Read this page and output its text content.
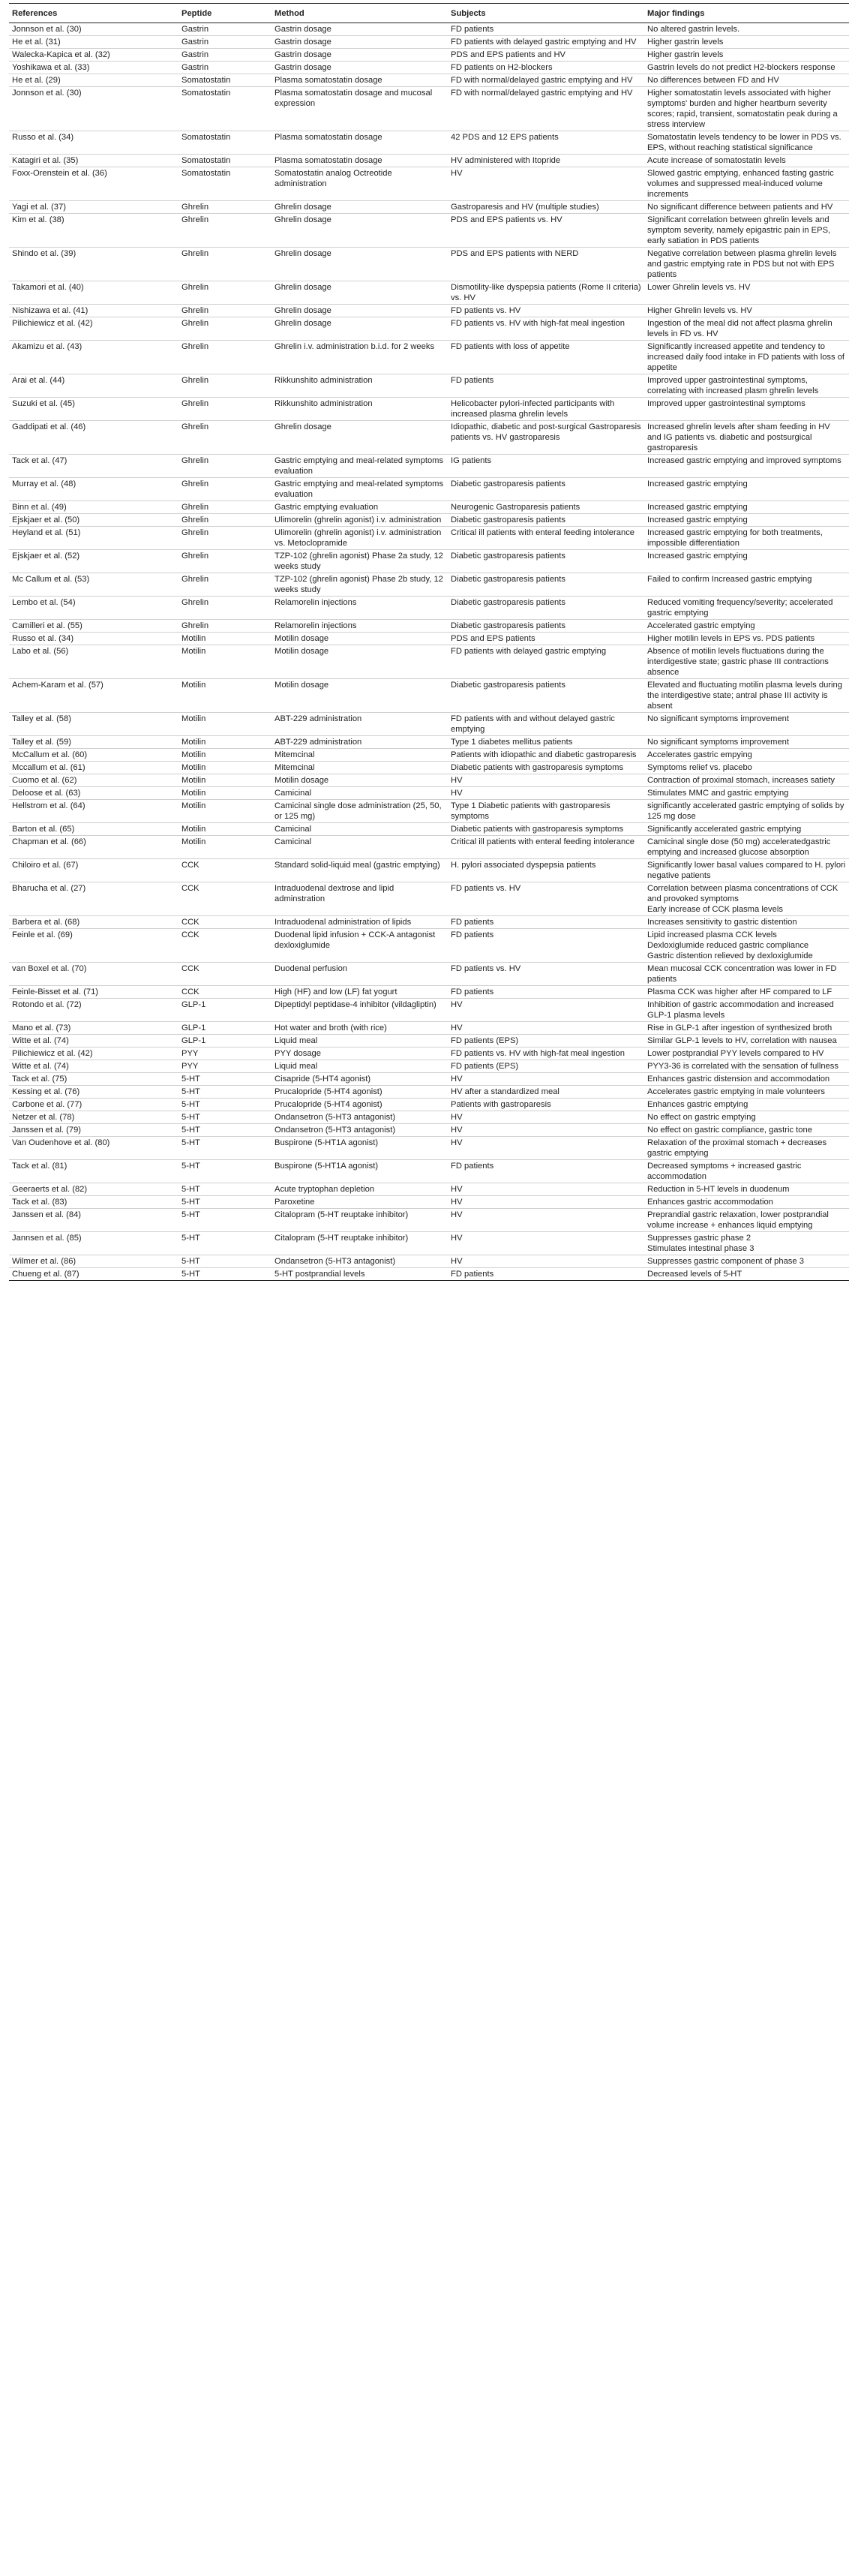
References	Peptide	Method	Subjects	Major findings
Jonnson et al. (30)	Gastrin	Gastrin dosage	FD patients	No altered gastrin levels.
He et al. (31)	Gastrin	Gastrin dosage	FD patients with delayed gastric emptying and HV	Higher gastrin levels
Walecka-Kapica et al. (32)	Gastrin	Gastrin dosage	PDS and EPS patients and HV	Higher gastrin levels
Yoshikawa et al. (33)	Gastrin	Gastrin dosage	FD patients on H2-blockers	Gastrin levels do not predict H2-blockers response
He et al. (29)	Somatostatin	Plasma somatostatin dosage	FD with normal/delayed gastric emptying and HV	No differences between FD and HV
Jonnson et al. (30)	Somatostatin	Plasma somatostatin dosage and mucosal expression	FD with normal/delayed gastric emptying and HV	Higher somatostatin levels associated with higher symptoms' burden and higher heartburn severity scores; rapid, transient, somatostatin peak during a stress interview
Russo et al. (34)	Somatostatin	Plasma somatostatin dosage	42 PDS and 12 EPS patients	Somatostatin levels tendency to be lower in PDS vs. EPS, without reaching statistical significance
Katagiri et al. (35)	Somatostatin	Plasma somatostatin dosage	HV administered with Itopride	Acute increase of somatostatin levels
Foxx-Orenstein et al. (36)	Somatostatin	Somatostatin analog Octreotide administration	HV	Slowed gastric emptying, enhanced fasting gastric volumes and suppressed meal-induced volume increments
Yagi et al. (37)	Ghrelin	Ghrelin dosage	Gastroparesis and HV (multiple studies)	No significant difference between patients and HV
Kim et al. (38)	Ghrelin	Ghrelin dosage	PDS and EPS patients vs. HV	Significant correlation between ghrelin levels and symptom severity, namely epigastric pain in EPS, early satiation in PDS patients
Shindo et al. (39)	Ghrelin	Ghrelin dosage	PDS and EPS patients with NERD	Negative correlation between plasma ghrelin levels and gastric emptying rate in PDS but not with EPS patients
Takamori et al. (40)	Ghrelin	Ghrelin dosage	Dismotility-like dyspepsia patients (Rome II criteria) vs. HV	Lower Ghrelin levels vs. HV
Nishizawa et al. (41)	Ghrelin	Ghrelin dosage	FD patients vs. HV	Higher Ghrelin levels vs. HV
Pilichiewicz et al. (42)	Ghrelin	Ghrelin dosage	FD patients vs. HV with high-fat meal ingestion	Ingestion of the meal did not affect plasma ghrelin levels in FD vs. HV
Akamizu et al. (43)	Ghrelin	Ghrelin i.v. administration b.i.d. for 2 weeks	FD patients with loss of appetite	Significantly increased appetite and tendency to increased daily food intake in FD patients with loss of appetite
Arai et al. (44)	Ghrelin	Rikkunshito administration	FD patients	Improved upper gastrointestinal symptoms, correlating with increased plasm ghrelin levels
Suzuki et al. (45)	Ghrelin	Rikkunshito administration	Helicobacter pylori-infected participants with increased plasma ghrelin levels	Improved upper gastrointestinal symptoms
Gaddipati et al. (46)	Ghrelin	Ghrelin dosage	Idiopathic, diabetic and post-surgical Gastroparesis patients vs. HV gastroparesis	Increased ghrelin levels after sham feeding in HV and IG patients vs. diabetic and postsurgical gastroparesis
Tack et al. (47)	Ghrelin	Gastric emptying and meal-related symptoms evaluation	IG patients	Increased gastric emptying and improved symptoms
Murray et al. (48)	Ghrelin	Gastric emptying and meal-related symptoms evaluation	Diabetic gastroparesis patients	Increased gastric emptying
Binn et al. (49)	Ghrelin	Gastric emptying evaluation	Neurogenic Gastroparesis patients	Increased gastric emptying
Ejskjaer et al. (50)	Ghrelin	Ulimorelin (ghrelin agonist) i.v. administration	Diabetic gastroparesis patients	Increased gastric emptying
Heyland et al. (51)	Ghrelin	Ulimorelin (ghrelin agonist) i.v. administration vs. Metoclopramide	Critical ill patients with enteral feeding intolerance	Increased gastric emptying for both treatments, impossible differentiation
Ejskjaer et al. (52)	Ghrelin	TZP-102 (ghrelin agonist) Phase 2a study, 12 weeks study	Diabetic gastroparesis patients	Increased gastric emptying
Mc Callum et al. (53)	Ghrelin	TZP-102 (ghrelin agonist) Phase 2b study, 12 weeks study	Diabetic gastroparesis patients	Failed to confirm Increased gastric emptying
Lembo et al. (54)	Ghrelin	Relamorelin injections	Diabetic gastroparesis patients	Reduced vomiting frequency/severity; accelerated gastric emptying
Camilleri et al. (55)	Ghrelin	Relamorelin injections	Diabetic gastroparesis patients	Accelerated gastric emptying
Russo et al. (34)	Motilin	Motilin dosage	PDS and EPS patients	Higher motilin levels in EPS vs. PDS patients
Labo et al. (56)	Motilin	Motilin dosage	FD patients with delayed gastric emptying	Absence of motilin levels fluctuations during the interdigestive state; gastric phase III contractions absence
Achem-Karam et al. (57)	Motilin	Motilin dosage	Diabetic gastroparesis patients	Elevated and fluctuating motilin plasma levels during the interdigestive state; antral phase III activity is absent
Talley et al. (58)	Motilin	ABT-229 administration	FD patients with and without delayed gastric emptying	No significant symptoms improvement
Talley et al. (59)	Motilin	ABT-229 administration	Type 1 diabetes mellitus patients	No significant symptoms improvement
McCallum et al. (60)	Motilin	Mitemcinal	Patients with idiopathic and diabetic gastroparesis	Accelerates gastric empying
Mccallum et al. (61)	Motilin	Mitemcinal	Diabetic patients with gastroparesis symptoms	Symptoms relief vs. placebo
Cuomo et al. (62)	Motilin	Motilin dosage	HV	Contraction of proximal stomach, increases satiety
Deloose et al. (63)	Motilin	Camicinal	HV	Stimulates MMC and gastric emptying
Hellstrom et al. (64)	Motilin	Camicinal single dose administration (25, 50, or 125 mg)	Type 1 Diabetic patients with gastroparesis symptoms	significantly accelerated gastric emptying of solids by 125 mg dose
Barton et al. (65)	Motilin	Camicinal	Diabetic patients with gastroparesis symptoms	Significantly accelerated gastric emptying
Chapman et al. (66)	Motilin	Camicinal	Critical ill patients with enteral feeding intolerance	Camicinal single dose (50 mg) acceleratedgastric emptying and increased glucose absorption
Chiloiro et al. (67)	CCK	Standard solid-liquid meal (gastric emptying)	H. pylori associated dyspepsia patients	Significantly lower basal values compared to H. pylori negative patients
Bharucha et al. (27)	CCK	Intraduodenal dextrose and lipid adminstration	FD patients vs. HV	Correlation between plasma concentrations of CCK and provoked symptoms
Early increase of CCK plasma levels
Barbera et al. (68)	CCK	Intraduodenal administration of lipids	FD patients	Increases sensitivity to gastric distention
Feinle et al. (69)	CCK	Duodenal lipid infusion + CCK-A antagonist dexloxiglumide	FD patients	Lipid increased plasma CCK levels
Dexloxiglumide reduced gastric compliance
Gastric distention relieved by dexloxiglumide
van Boxel et al. (70)	CCK	Duodenal perfusion	FD patients vs. HV	Mean mucosal CCK concentration was lower in FD patients
Feinle-Bisset et al. (71)	CCK	High (HF) and low (LF) fat yogurt	FD patients	Plasma CCK was higher after HF compared to LF
Rotondo et al. (72)	GLP-1	Dipeptidyl peptidase-4 inhibitor (vildagliptin)	HV	Inhibition of gastric accommodation and increased GLP-1 plasma levels
Mano et al. (73)	GLP-1	Hot water and broth (with rice)	HV	Rise in GLP-1 after ingestion of synthesized broth
Witte et al. (74)	GLP-1	Liquid meal	FD patients (EPS)	Similar GLP-1 levels to HV, correlation with nausea
Pilichiewicz et al. (42)	PYY	PYY dosage	FD patients vs. HV with high-fat meal ingestion	Lower postprandial PYY levels compared to HV
Witte et al. (74)	PYY	Liquid meal	FD patients (EPS)	PYY3-36 is correlated with the sensation of fullness
Tack et al. (75)	5-HT	Cisapride (5-HT4 agonist)	HV	Enhances gastric distension and accommodation
Kessing et al. (76)	5-HT	Prucalopride (5-HT4 agonist)	HV after a standardized meal	Accelerates gastric emptying in male volunteers
Carbone et al. (77)	5-HT	Prucalopride (5-HT4 agonist)	Patients with gastroparesis	Enhances gastric emptying
Netzer et al. (78)	5-HT	Ondansetron (5-HT3 antagonist)	HV	No effect on gastric emptying
Janssen et al. (79)	5-HT	Ondansetron (5-HT3 antagonist)	HV	No effect on gastric compliance, gastric tone
Van Oudenhove et al. (80)	5-HT	Buspirone (5-HT1A agonist)	HV	Relaxation of the proximal stomach + decreases gastric emptying
Tack et al. (81)	5-HT	Buspirone (5-HT1A agonist)	FD patients	Decreased symptoms + increased gastric accommodation
Geeraerts et al. (82)	5-HT	Acute tryptophan depletion	HV	Reduction in 5-HT levels in duodenum
Tack et al. (83)	5-HT	Paroxetine	HV	Enhances gastric accommodation
Janssen et al. (84)	5-HT	Citalopram (5-HT reuptake inhibitor)	HV	Preprandial gastric relaxation, lower postprandial volume increase + enhances liquid emptying
Jannsen et al. (85)	5-HT	Citalopram (5-HT reuptake inhibitor)	HV	Suppresses gastric phase 2
Stimulates intestinal phase 3
Wilmer et al. (86)	5-HT	Ondansetron (5-HT3 antagonist)	HV	Suppresses gastric component of phase 3
Chueng et al. (87)	5-HT	5-HT postprandial levels	FD patients	Decreased levels of 5-HT
